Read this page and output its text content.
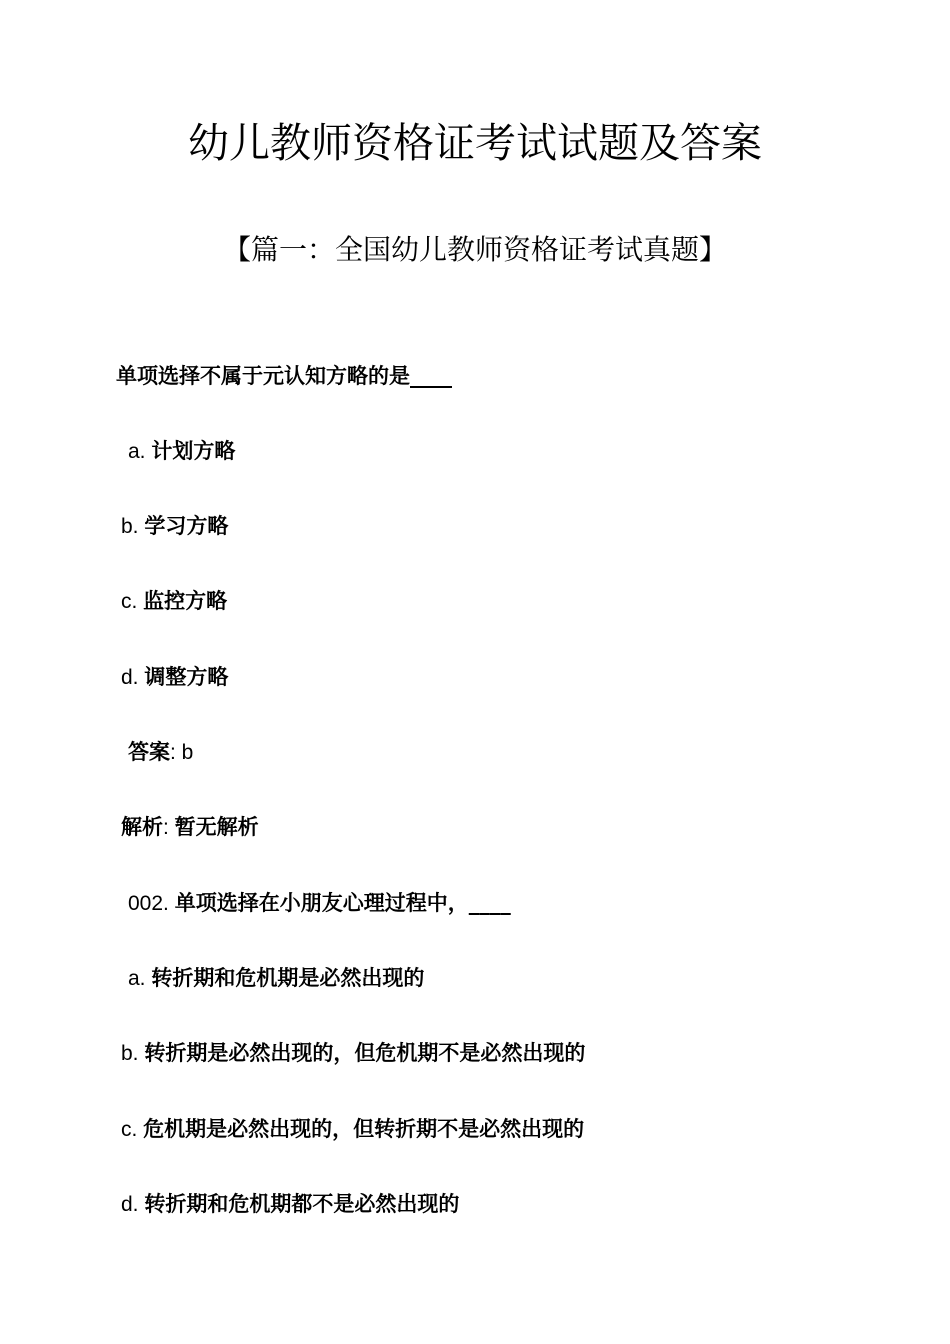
幼儿教师资格证考试试题及答案
【篇一：全国幼儿教师资格证考试真题】
单项选择不属于元认知方略的是____
a. 计划方略
b. 学习方略
c. 监控方略
d. 调整方略
答案: b
解析: 暂无解析
002. 单项选择在小朋友心理过程中，____
a. 转折期和危机期是必然出现的
b. 转折期是必然出现的，但危机期不是必然出现的
c. 危机期是必然出现的，但转折期不是必然出现的
d. 转折期和危机期都不是必然出现的
